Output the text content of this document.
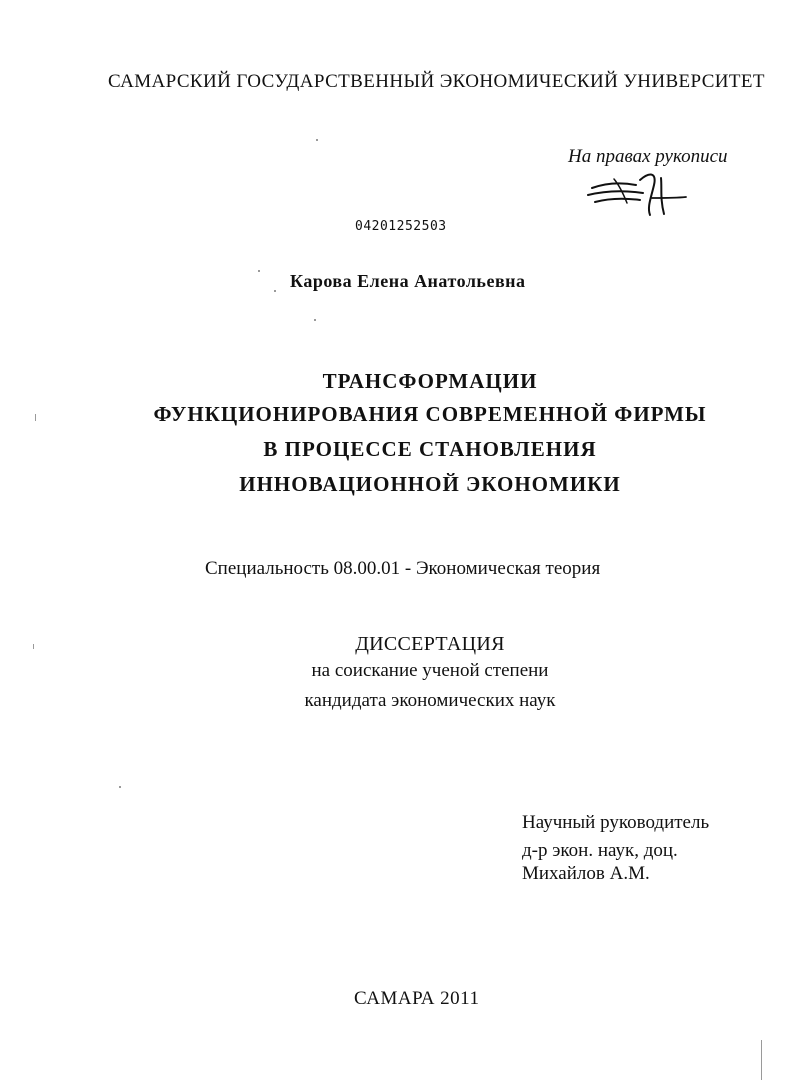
САМАРСКИЙ ГОСУДАРСТВЕННЫЙ ЭКОНОМИЧЕСКИЙ УНИВЕРСИТЕТ
На правах рукописи
04201252503
Карова Елена Анатольевна
ТРАНСФОРМАЦИИ
ФУНКЦИОНИРОВАНИЯ СОВРЕМЕННОЙ ФИРМЫ
В ПРОЦЕССЕ СТАНОВЛЕНИЯ
ИННОВАЦИОННОЙ ЭКОНОМИКИ
Специальность 08.00.01 - Экономическая теория
ДИССЕРТАЦИЯ
на соискание ученой степени
кандидата экономических наук
Научный руководитель
д-р экон. наук, доц.
Михайлов А.М.
САМАРА 2011
